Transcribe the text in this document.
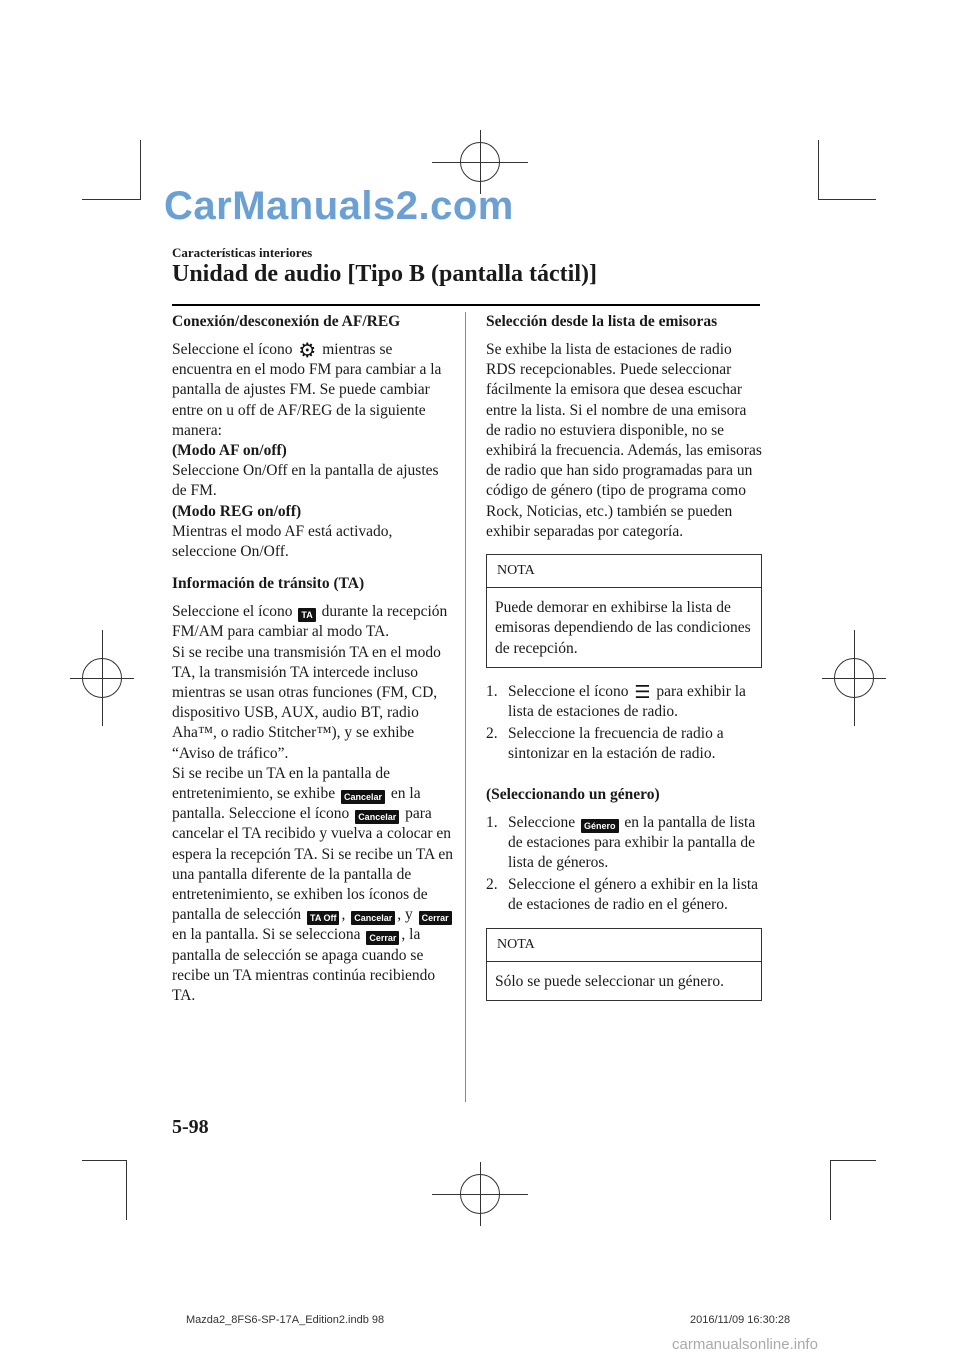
CarManuals2.com
Características interiores
Unidad de audio [Tipo B (pantalla táctil)]
Conexión/desconexión de AF/REG

Seleccione el ícono ⚙ mientras se encuentra en el modo FM para cambiar a la pantalla de ajustes FM. Se puede cambiar entre on u off de AF/REG de la siguiente manera:

(Modo AF on/off)
Seleccione On/Off en la pantalla de ajustes de FM.

(Modo REG on/off)
Mientras el modo AF está activado, seleccione On/Off.

Información de tránsito (TA)

Seleccione el ícono TA durante la recepción FM/AM para cambiar al modo TA.
Si se recibe una transmisión TA en el modo TA, la transmisión TA intercede incluso mientras se usan otras funciones (FM, CD, dispositivo USB, AUX, audio BT, radio Aha™, o radio Stitcher™), y se exhibe “Aviso de tráfico”.
Si se recibe un TA en la pantalla de entretenimiento, se exhibe Cancelar en la pantalla. Seleccione el ícono Cancelar para cancelar el TA recibido y vuelva a colocar en espera la recepción TA. Si se recibe un TA en una pantalla diferente de la pantalla de entretenimiento, se exhiben los íconos de pantalla de selección TA Off , Cancelar , y Cerrar en la pantalla. Si se selecciona Cerrar , la pantalla de selección se apaga cuando se recibe un TA mientras continúa recibiendo TA.

Selección desde la lista de emisoras

Se exhibe la lista de estaciones de radio RDS recepcionables. Puede seleccionar fácilmente la emisora que desea escuchar entre la lista. Si el nombre de una emisora de radio no estuviera disponible, no se exhibirá la frecuencia. Además, las emisoras de radio que han sido programadas para un código de género (tipo de programa como Rock, Noticias, etc.) también se pueden exhibir separadas por categoría.

NOTA
Puede demorar en exhibirse la lista de emisoras dependiendo de las condiciones de recepción.
1. Seleccione el ícono ☰ para exhibir la lista de estaciones de radio.
2. Seleccione la frecuencia de radio a sintonizar en la estación de radio.
(Seleccionando un género)
1. Seleccione Género en la pantalla de lista de estaciones para exhibir la pantalla de lista de géneros.
2. Seleccione el género a exhibir en la lista de estaciones de radio en el género.
NOTA
Sólo se puede seleccionar un género.
5-98
Mazda2_8FS6-SP-17A_Edition2.indb 98	2016/11/09 16:30:28
carmanualsonline.info
